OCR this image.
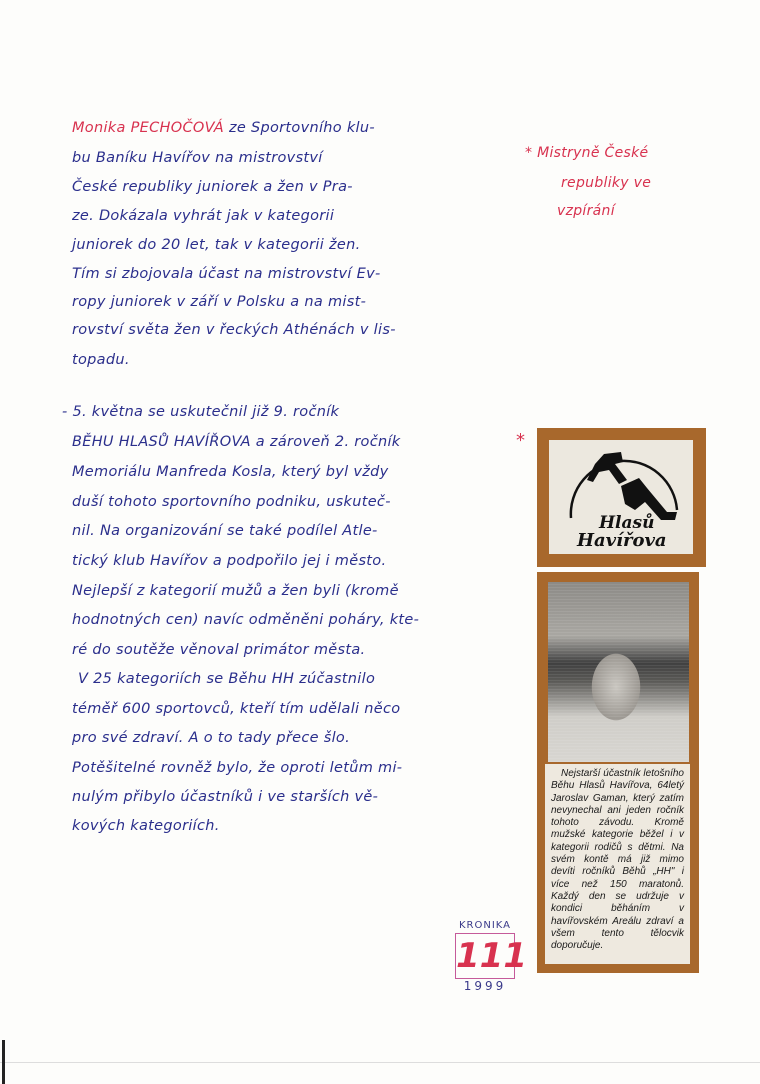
Monika PECHOČOVÁ ze Sportovního klu-
bu Baníku Havířov na mistrovství
České republiky juniorek a žen v Pra-
ze. Dokázala vyhrát jak v kategorii
juniorek do 20 let, tak v kategorii žen.
Tím si zbojovala účast na mistrovství Ev-
ropy juniorek v září v Polsku a na mist-
rovství světa žen v řeckých Athénách v lis-
topadu.
* Mistryně České
republiky ve
vzpírání
- 5. května se uskutečnil již 9. ročník
BĚHU HLASŮ HAVÍŘOVA a zároveň 2. ročník
Memoriálu Manfreda Kosla, který byl vždy
duší tohoto sportovního podniku, uskuteč-
nil. Na organizování se také podílel Atle-
tický klub Havířov a podpořilo jej i město.
Nejlepší z kategorií mužů a žen byli (kromě
hodnotných cen) navíc odměněni poháry, kte-
ré do soutěže věnoval primátor města.
V 25 kategoriích se Běhu HH zúčastnilo
téměř 600 sportovců, kteří tím udělali něco
pro své zdraví. A o to tady přece šlo.
Potěšitelné rovněž bylo, že oproti letům mi-
nulým přibylo účastníků i ve starších vě-
kových kategoriích.
*
Hlasů
Havířova
Nejstarší účastník letošního Běhu Hlasů Havířova, 64letý Jaroslav Gaman, který zatím nevynechal ani jeden ročník tohoto závodu. Kromě mužské kategorie běžel i v kategorii rodičů s dětmi. Na svém kontě má již mimo devíti ročníků Běhů „HH" i více než 150 maratonů. Každý den se udržuje v kondici běháním v havířovském Areálu zdraví a všem tento tělocvik doporučuje.
KRONIKA
111
1999
